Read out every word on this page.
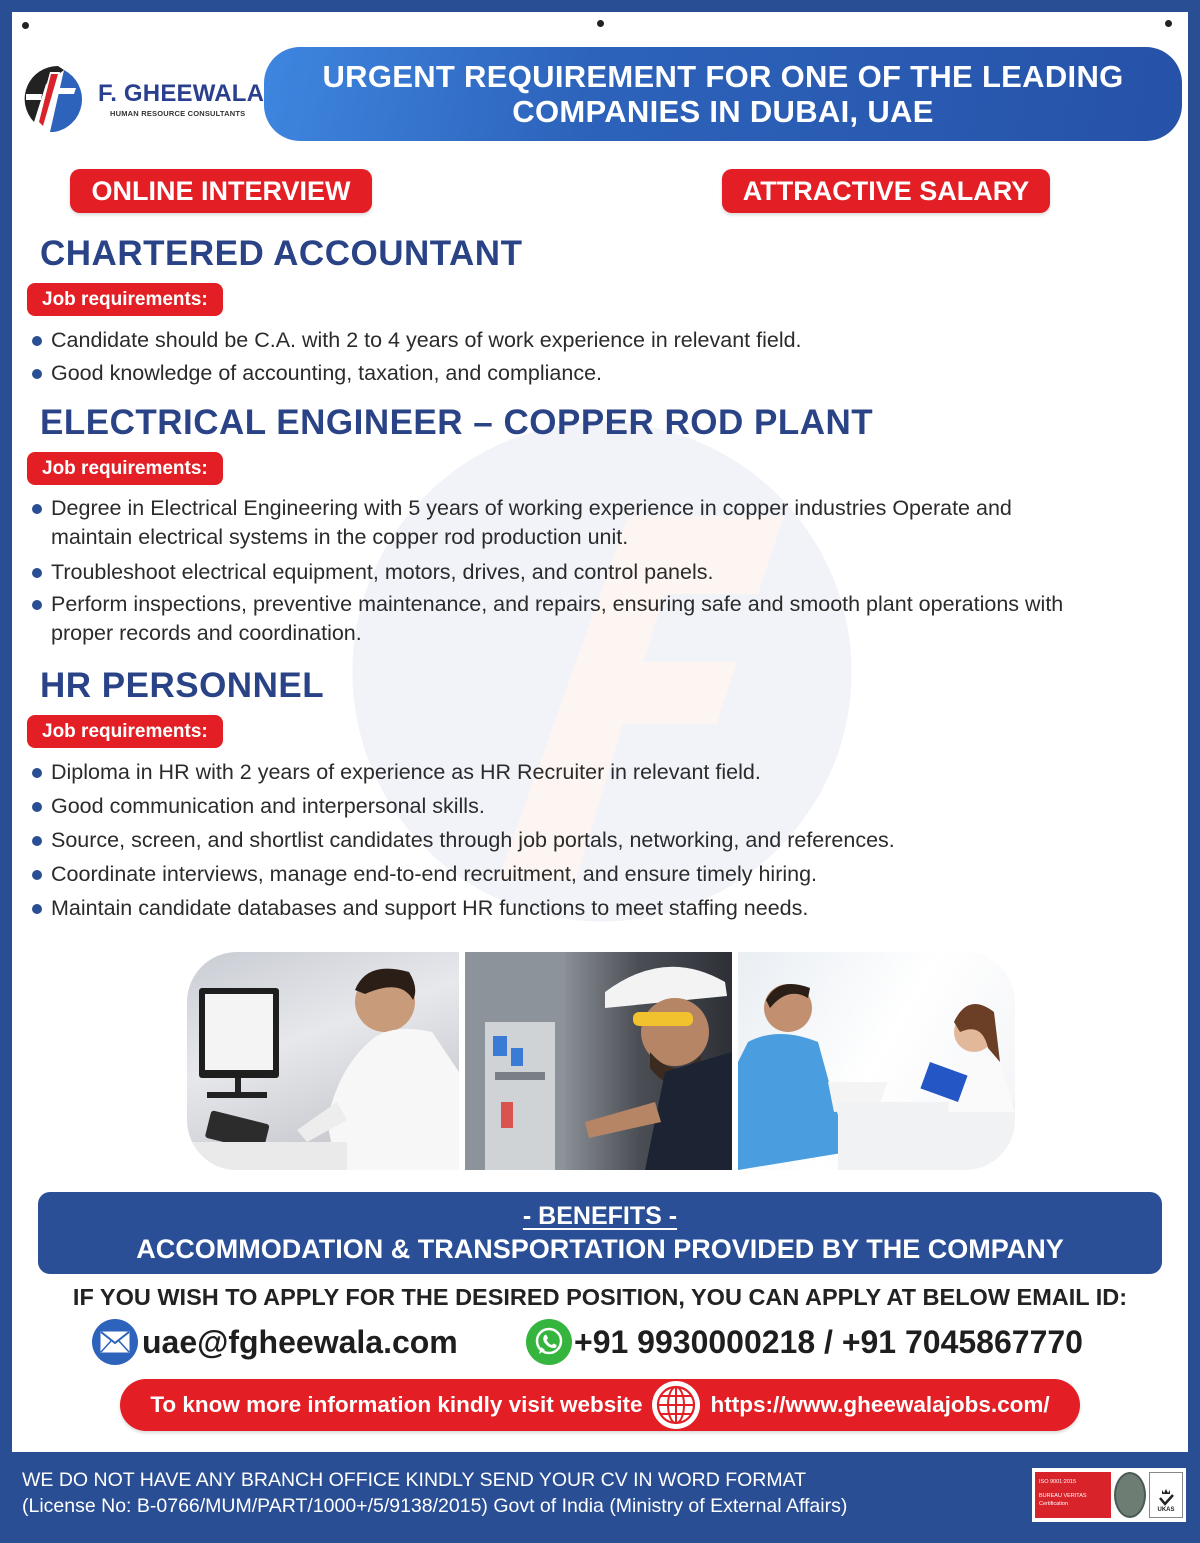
F. GHEEWALA
HUMAN RESOURCE CONSULTANTS
URGENT REQUIREMENT FOR ONE OF THE LEADING
COMPANIES IN DUBAI, UAE
ONLINE INTERVIEW	ATTRACTIVE SALARY
CHARTERED ACCOUNTANT
Job requirements:
Candidate should be C.A. with 2 to 4 years of work experience in relevant field.
Good knowledge of accounting, taxation, and compliance.
ELECTRICAL ENGINEER – COPPER ROD PLANT
Job requirements:
Degree in Electrical Engineering with 5 years of working experience in copper industries Operate and maintain electrical systems in the copper rod production unit.
Troubleshoot electrical equipment, motors, drives, and control panels.
Perform inspections, preventive maintenance, and repairs, ensuring safe and smooth plant operations with proper records and coordination.
HR PERSONNEL
Job requirements:
Diploma in HR with 2 years of experience as HR Recruiter in relevant field.
Good communication and interpersonal skills.
Source, screen, and shortlist candidates through job portals, networking, and references.
Coordinate interviews, manage end-to-end recruitment, and ensure timely hiring.
Maintain candidate databases and support HR functions to meet staffing needs.
- BENEFITS -
ACCOMMODATION & TRANSPORTATION PROVIDED BY THE COMPANY
IF YOU WISH TO APPLY FOR THE DESIRED POSITION, YOU CAN APPLY AT BELOW EMAIL ID:
uae@fgheewala.com	+91 9930000218 / +91 7045867770
To know more information kindly visit website	https://www.gheewalajobs.com/
WE DO NOT HAVE ANY BRANCH OFFICE KINDLY SEND YOUR CV IN WORD FORMAT
(License No: B-0766/MUM/PART/1000+/5/9138/2015) Govt of India (Ministry of External Affairs)
ISO 9001:2015
BUREAU VERITAS
Certification
UKAS
